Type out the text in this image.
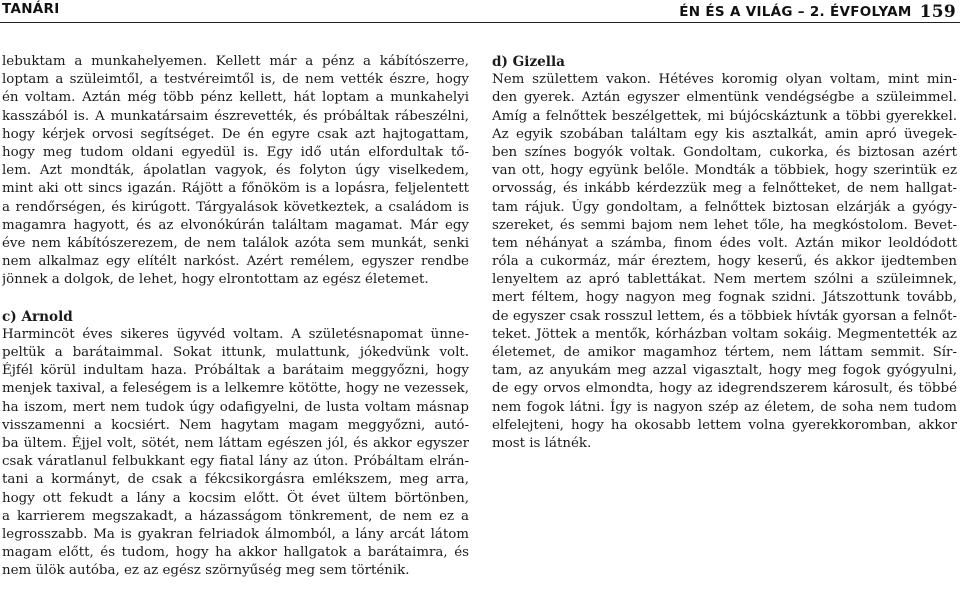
TANÁRI	ÉN ÉS A VILÁG – 2. ÉVFOLYAM 159
lebuktam a munkahelyemen. Kellett már a pénz a kábítószerre,
loptam a szüleimtől, a testvéreimtől is, de nem vették észre, hogy
én voltam. Aztán még több pénz kellett, hát loptam a munkahelyi
kasszából is. A munkatársaim észrevették, és próbáltak rábeszélni,
hogy kérjek orvosi segítséget. De én egyre csak azt hajtogattam,
hogy meg tudom oldani egyedül is. Egy idő után elfordultak tő-
lem. Azt mondták, ápolatlan vagyok, és folyton úgy viselkedem,
mint aki ott sincs igazán. Rájött a főnököm is a lopásra, feljelentett
a rendőrségen, és kirúgott. Tárgyalások következtek, a családom is
magamra hagyott, és az elvonókúrán találtam magamat. Már egy
éve nem kábítószerezem, de nem találok azóta sem munkát, senki
nem alkalmaz egy elítélt narkóst. Azért remélem, egyszer rendbe
jönnek a dolgok, de lehet, hogy elrontottam az egész életemet.
c) Arnold
Harmincöt éves sikeres ügyvéd voltam. A születésnapomat ünne-
peltük a barátaimmal. Sokat ittunk, mulattunk, jókedvünk volt.
Éjfél körül indultam haza. Próbáltak a barátaim meggyőzni, hogy
menjek taxival, a feleségem is a lelkemre kötötte, hogy ne vezessek,
ha iszom, mert nem tudok úgy odafigyelni, de lusta voltam másnap
visszamenni a kocsiért. Nem hagytam magam meggyőzni, autó-
ba ültem. Éjjel volt, sötét, nem láttam egészen jól, és akkor egyszer
csak váratlanul felbukkant egy fiatal lány az úton. Próbáltam elrán-
tani a kormányt, de csak a fékcsikorgásra emlékszem, meg arra,
hogy ott fekudt a lány a kocsim előtt. Öt évet ültem börtönben,
a karrierem megszakadt, a házasságom tönkrement, de nem ez a
legrosszabb. Ma is gyakran felriadok álmomból, a lány arcát látom
magam előtt, és tudom, hogy ha akkor hallgatok a barátaimra, és
nem ülök autóba, ez az egész szörnyűség meg sem történik.
d) Gizella
Nem születtem vakon. Hétéves koromig olyan voltam, mint min-
den gyerek. Aztán egyszer elmentünk vendégségbe a szüleimmel.
Amíg a felnőttek beszélgettek, mi bújócskáztunk a többi gyerekkel.
Az egyik szobában találtam egy kis asztalkát, amin apró üvegek-
ben színes bogyók voltak. Gondoltam, cukorka, és biztosan azért
van ott, hogy együnk belőle. Mondták a többiek, hogy szerintük ez
orvosság, és inkább kérdezzük meg a felnőtteket, de nem hallgat-
tam rájuk. Úgy gondoltam, a felnőttek biztosan elzárják a gyógy-
szereket, és semmi bajom nem lehet tőle, ha megkóstolom. Bevet-
tem néhányat a számba, finom édes volt. Aztán mikor leoldódott
róla a cukormáz, már éreztem, hogy keserű, és akkor ijedtemben
lenyeltem az apró tablettákat. Nem mertem szólni a szüleimnek,
mert féltem, hogy nagyon meg fognak szidni. Játszottunk tovább,
de egyszer csak rosszul lettem, és a többiek hívták gyorsan a felnőt-
teket. Jöttek a mentők, kórházban voltam sokáig. Megmentették az
életemet, de amikor magamhoz tértem, nem láttam semmit. Sír-
tam, az anyukám meg azzal vigasztalt, hogy meg fogok gyógyulni,
de egy orvos elmondta, hogy az idegrendszerem károsult, és többé
nem fogok látni. Így is nagyon szép az életem, de soha nem tudom
elfelejteni, hogy ha okosabb lettem volna gyerekkoromban, akkor
most is látnék.
